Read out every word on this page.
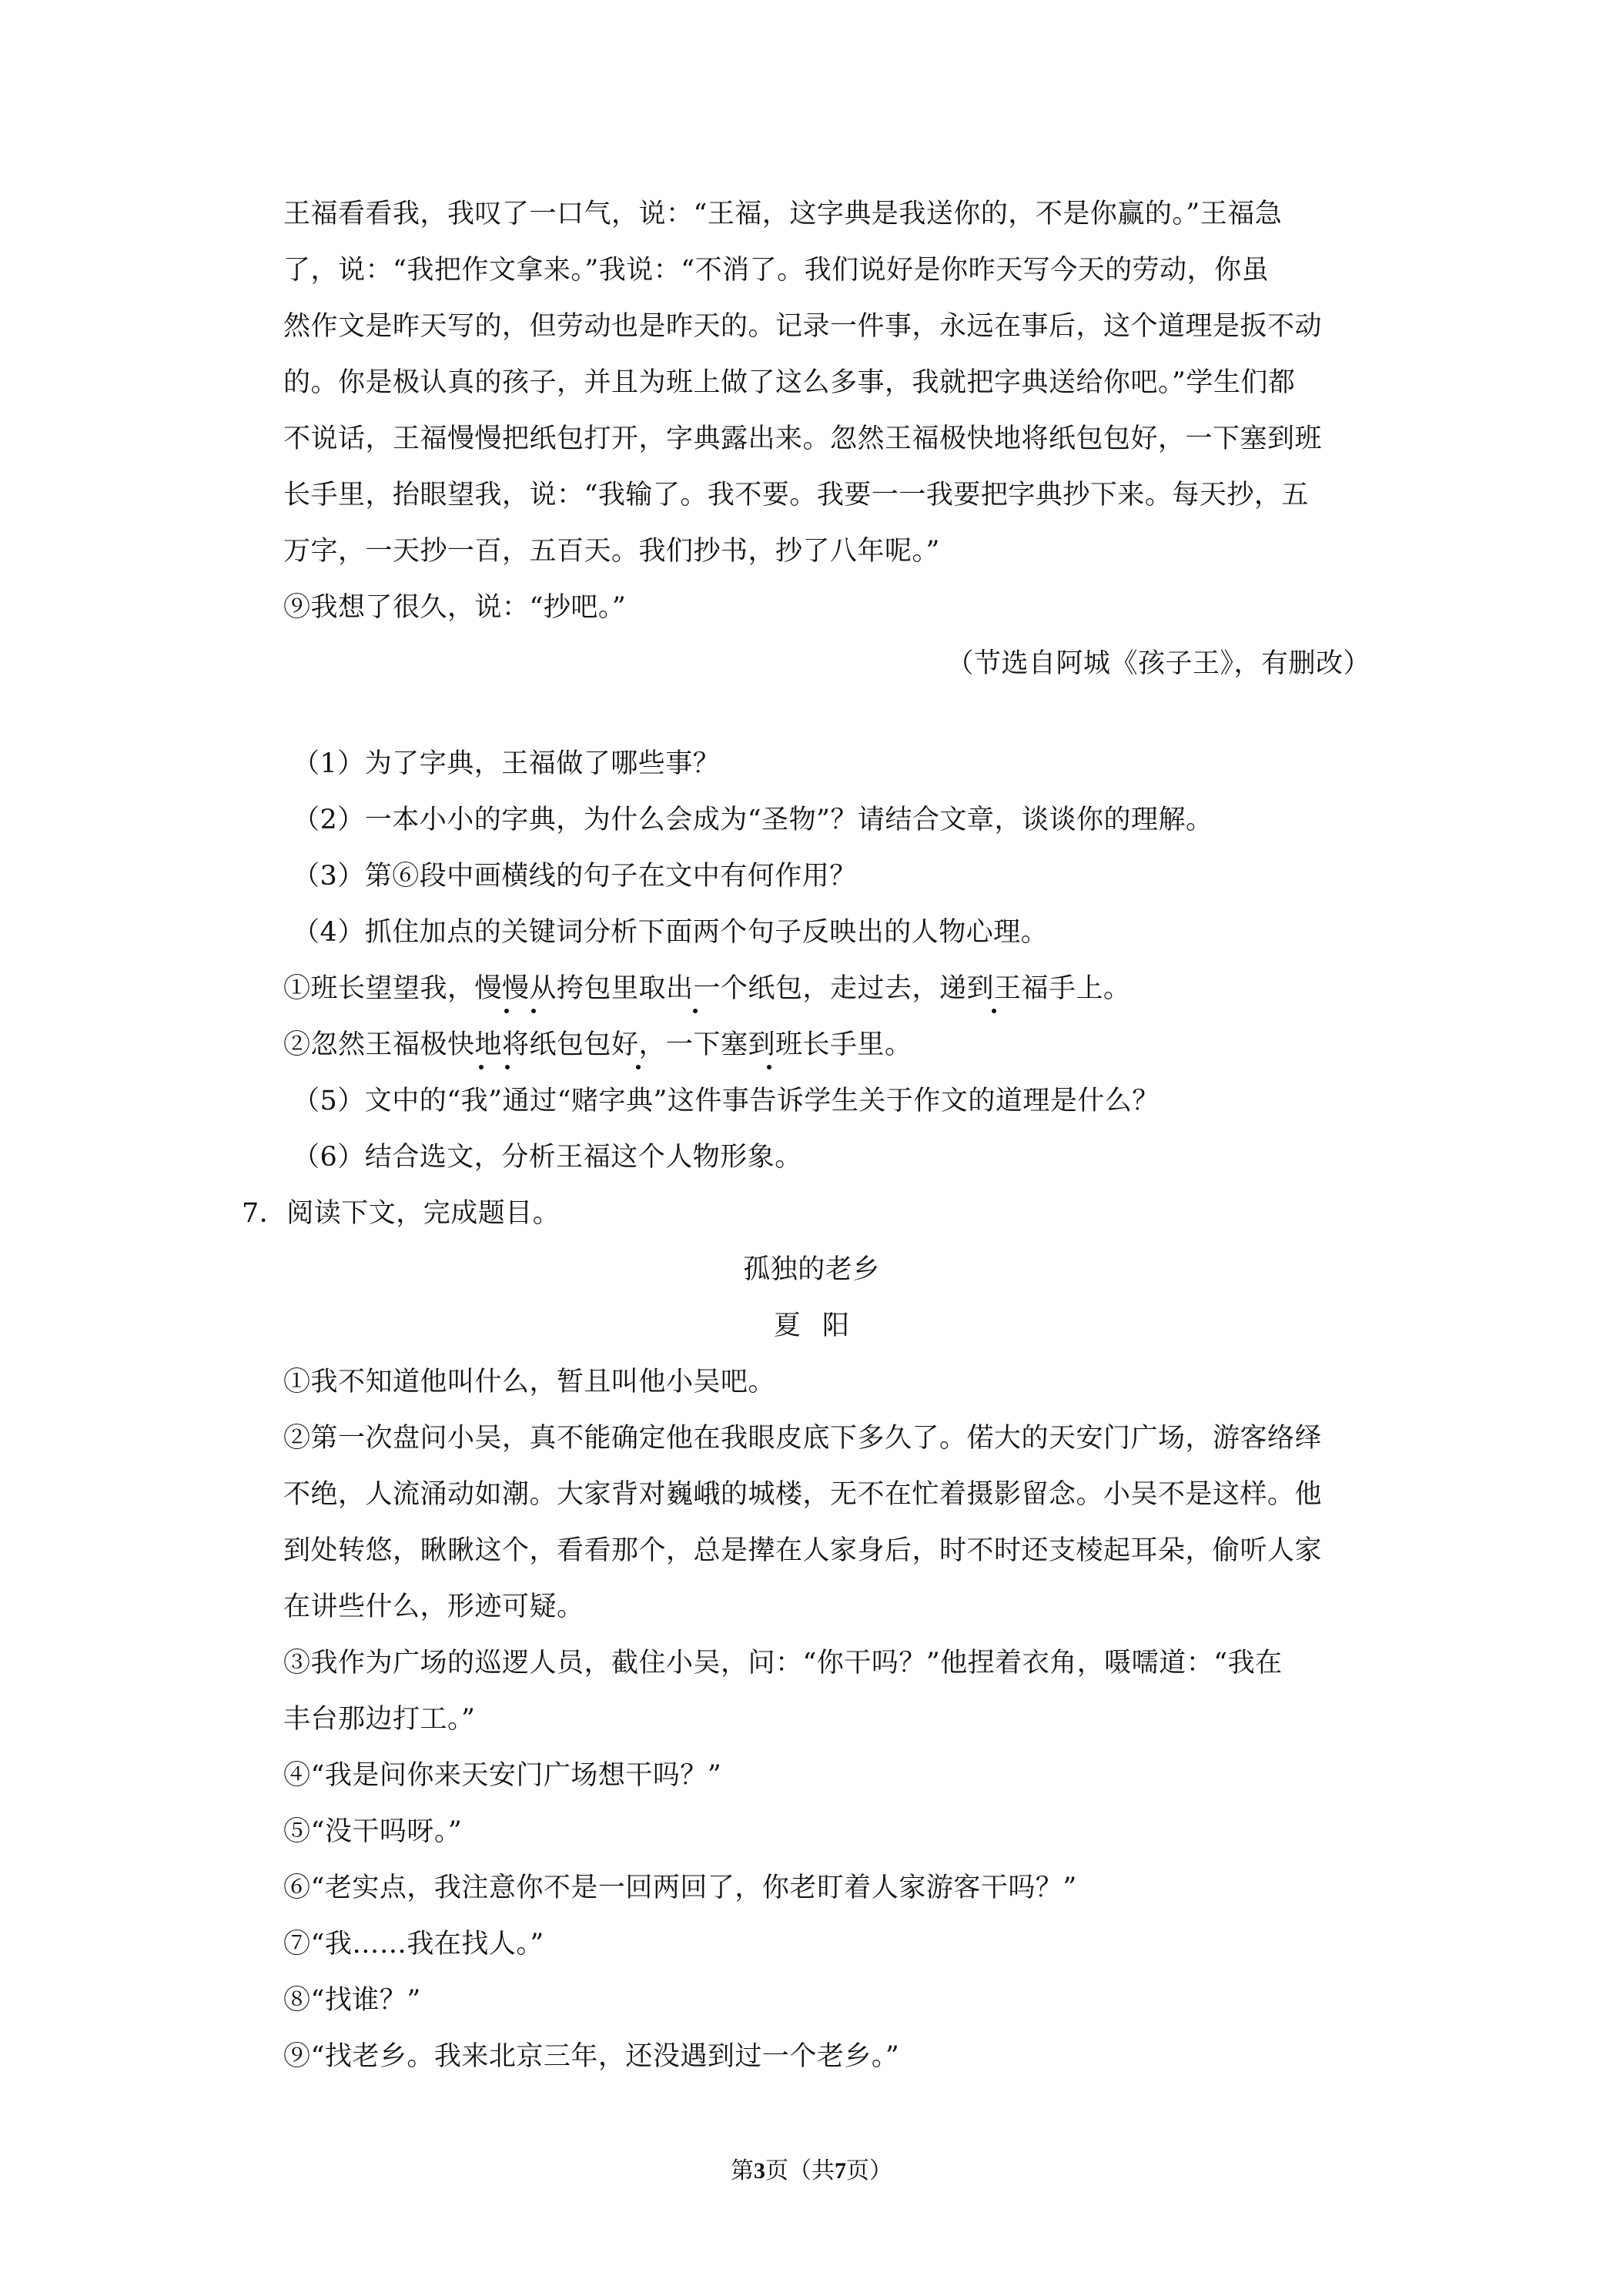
王福看看我，我叹了一口气，说：“王福，这字典是我送你的，不是你赢的。”王福急
了，说：“我把作文拿来。”我说：“不消了。我们说好是你昨天写今天的劳动，你虽
然作文是昨天写的，但劳动也是昨天的。记录一件事，永远在事后，这个道理是扳不动
的。你是极认真的孩子，并且为班上做了这么多事，我就把字典送给你吧。”学生们都
不说话，王福慢慢把纸包打开，字典露出来。忽然王福极快地将纸包包好，一下塞到班
长手里，抬眼望我，说：“我输了。我不要。我要一一我要把字典抄下来。每天抄，五
万字，一天抄一百，五百天。我们抄书，抄了八年呢。”
⑨我想了很久，说：“抄吧。”
（节选自阿城《孩子王》，有删改）
（1）为了字典，王福做了哪些事？
（2）一本小小的字典，为什么会成为“圣物”？请结合文章，谈谈你的理解。
（3）第⑥段中画横线的句子在文中有何作用？
（4）抓住加点的关键词分析下面两个句子反映出的人物心理。
①班长望望我，慢慢从挎包里取出一个纸包，走过去，递到王福手上。
②忽然王福极快地将纸包包好，一下塞到班长手里。
（5）文中的“我”通过“赌字典”这件事告诉学生关于作文的道理是什么？
（6）结合选文，分析王福这个人物形象。
7．阅读下文，完成题目。
孤独的老乡
夏阳
①我不知道他叫什么，暂且叫他小吴吧。
②第一次盘问小吴，真不能确定他在我眼皮底下多久了。偌大的天安门广场，游客络绎
不绝，人流涌动如潮。大家背对巍峨的城楼，无不在忙着摄影留念。小吴不是这样。他
到处转悠，瞅瞅这个，看看那个，总是撵在人家身后，时不时还支棱起耳朵，偷听人家
在讲些什么，形迹可疑。
③我作为广场的巡逻人员，截住小吴，问：“你干吗？”他捏着衣角，嗫嚅道：“我在
丰台那边打工。”
④“我是问你来天安门广场想干吗？”
⑤“没干吗呀。”
⑥“老实点，我注意你不是一回两回了，你老盯着人家游客干吗？”
⑦“我……我在找人。”
⑧“找谁？”
⑨“找老乡。我来北京三年，还没遇到过一个老乡。”
第3页（共7页）
